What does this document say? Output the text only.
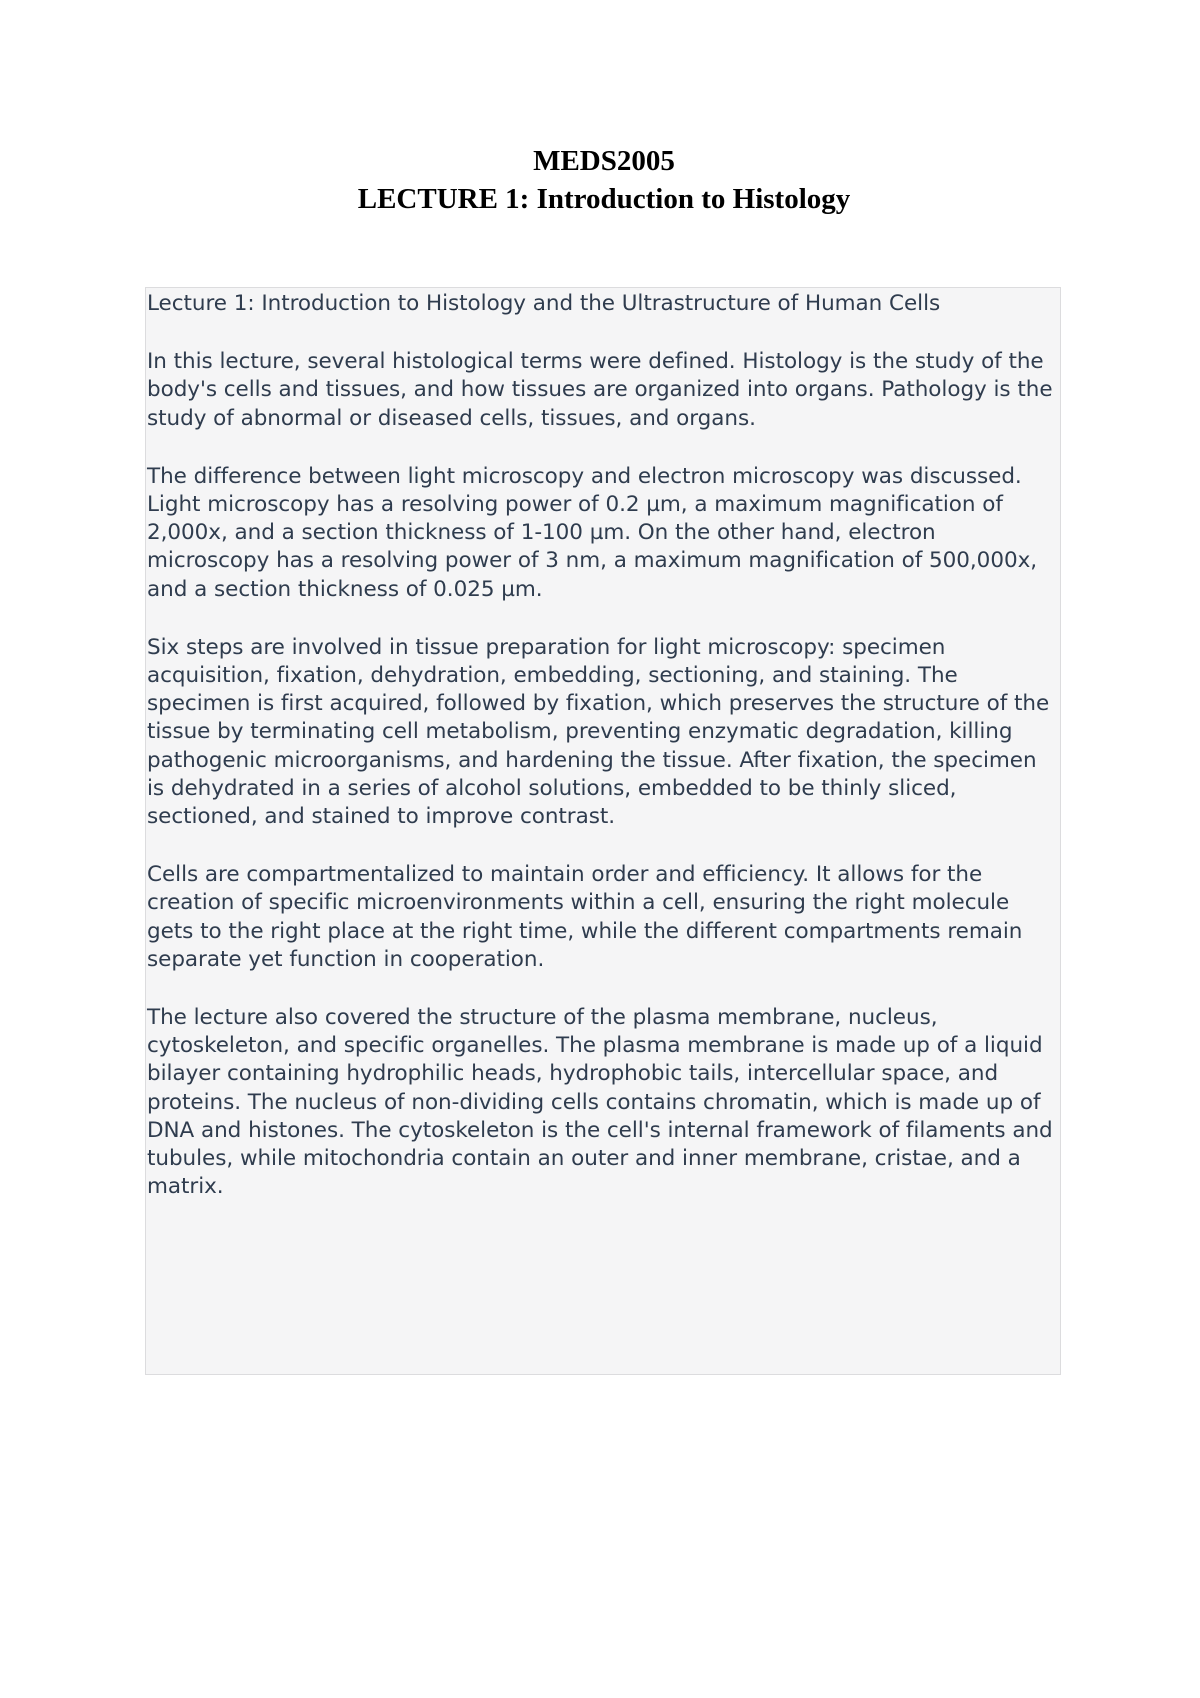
MEDS2005
LECTURE 1: Introduction to Histology

Lecture 1: Introduction to Histology and the Ultrastructure of Human Cells

In this lecture, several histological terms were defined. Histology is the study of the body's cells and tissues, and how tissues are organized into organs. Pathology is the study of abnormal or diseased cells, tissues, and organs.

The difference between light microscopy and electron microscopy was discussed. Light microscopy has a resolving power of 0.2 µm, a maximum magnification of 2,000x, and a section thickness of 1-100 µm. On the other hand, electron microscopy has a resolving power of 3 nm, a maximum magnification of 500,000x, and a section thickness of 0.025 µm.

Six steps are involved in tissue preparation for light microscopy: specimen acquisition, fixation, dehydration, embedding, sectioning, and staining. The specimen is first acquired, followed by fixation, which preserves the structure of the tissue by terminating cell metabolism, preventing enzymatic degradation, killing pathogenic microorganisms, and hardening the tissue. After fixation, the specimen is dehydrated in a series of alcohol solutions, embedded to be thinly sliced, sectioned, and stained to improve contrast.

Cells are compartmentalized to maintain order and efficiency. It allows for the creation of specific microenvironments within a cell, ensuring the right molecule gets to the right place at the right time, while the different compartments remain separate yet function in cooperation.

The lecture also covered the structure of the plasma membrane, nucleus, cytoskeleton, and specific organelles. The plasma membrane is made up of a liquid bilayer containing hydrophilic heads, hydrophobic tails, intercellular space, and proteins. The nucleus of non-dividing cells contains chromatin, which is made up of DNA and histones. The cytoskeleton is the cell's internal framework of filaments and tubules, while mitochondria contain an outer and inner membrane, cristae, and a matrix.
